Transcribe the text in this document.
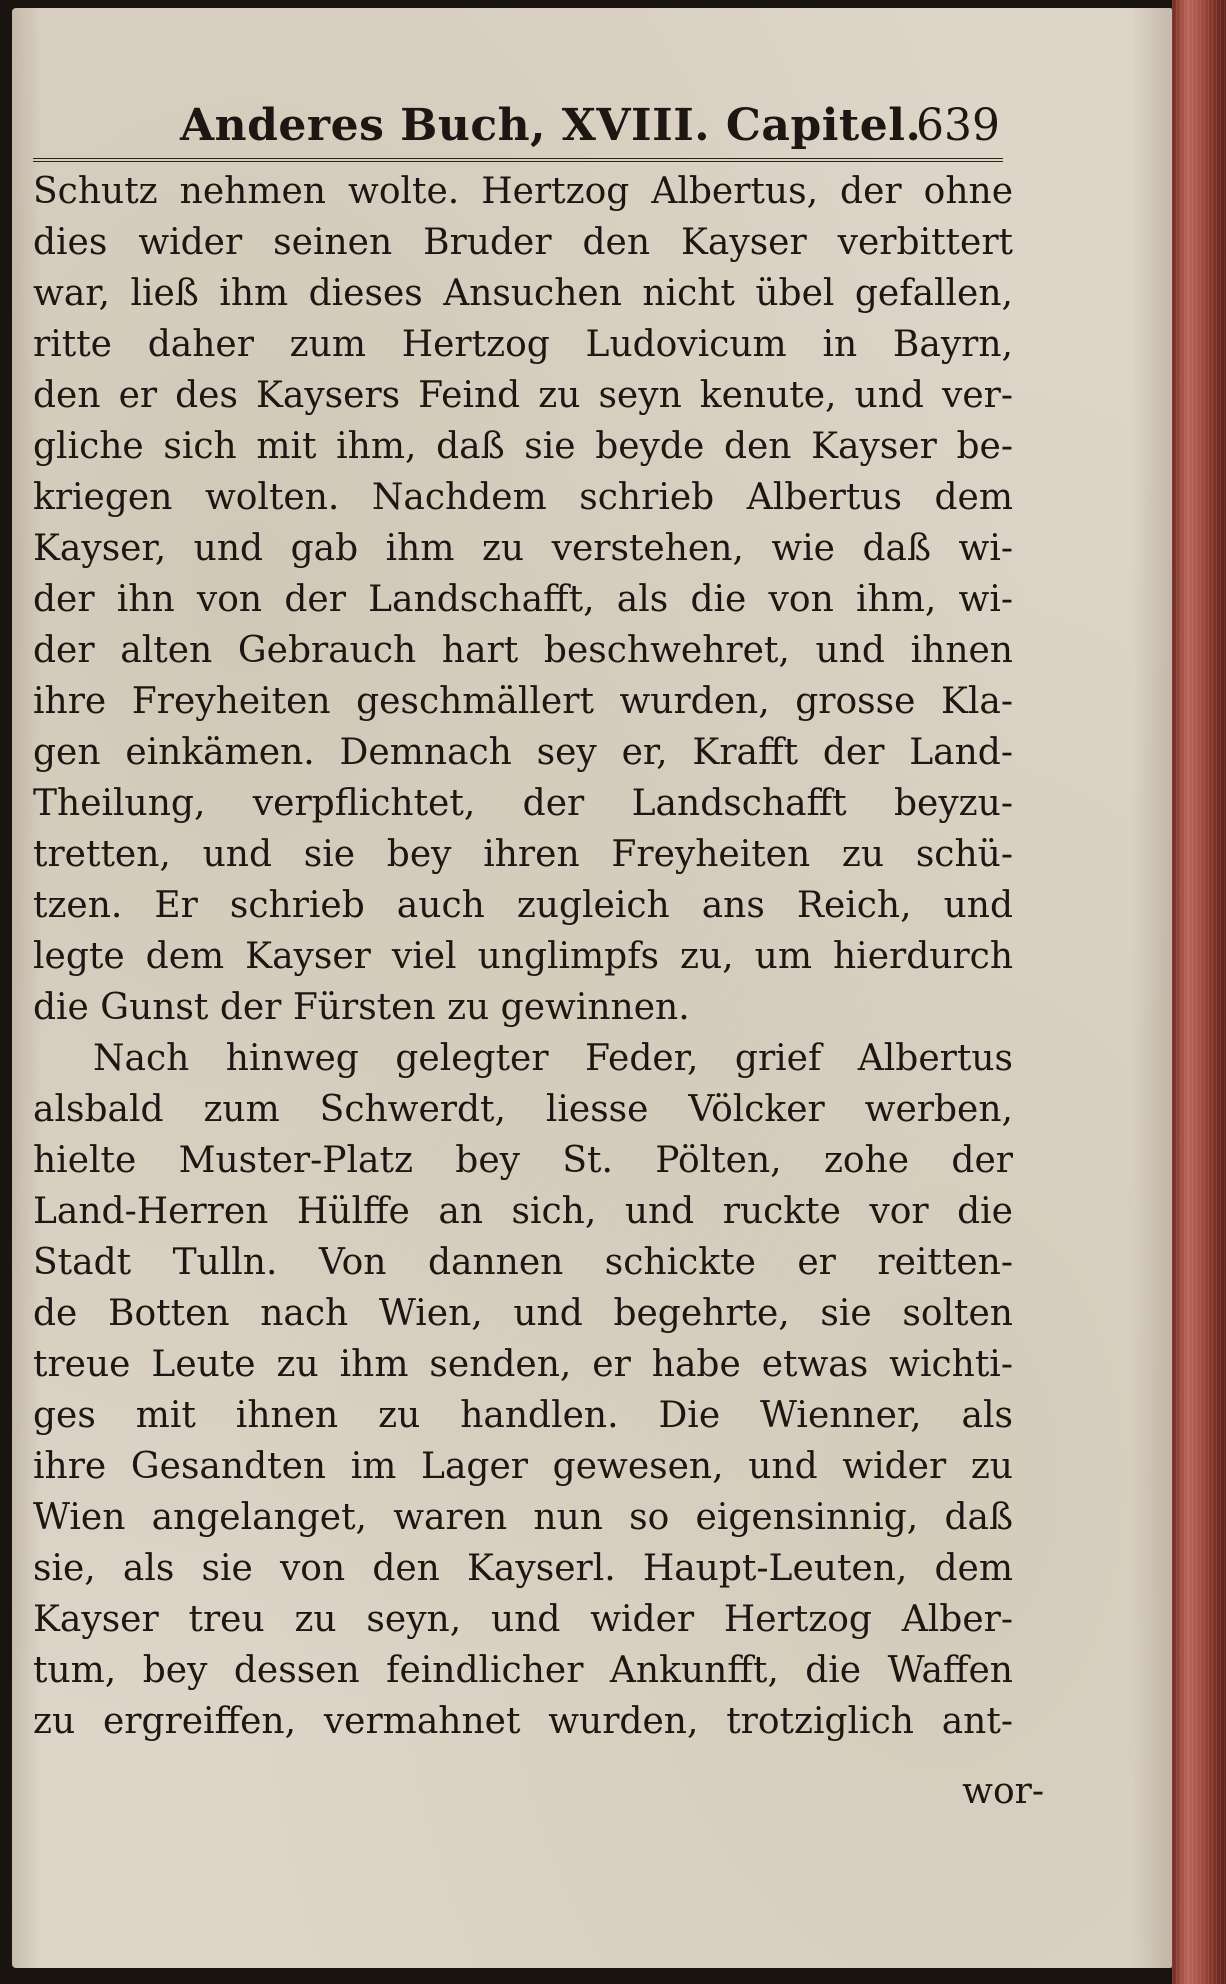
Anderes Buch, XVIII. Capitel.
639
Schutz nehmen wolte. Hertzog Albertus, der ohne
dies wider seinen Bruder den Kayser verbittert
war, ließ ihm dieses Ansuchen nicht übel gefallen,
ritte daher zum Hertzog Ludovicum in Bayrn,
den er des Kaysers Feind zu seyn kenute, und ver-
gliche sich mit ihm, daß sie beyde den Kayser be-
kriegen wolten. Nachdem schrieb Albertus dem
Kayser, und gab ihm zu verstehen, wie daß wi-
der ihn von der Landschafft, als die von ihm, wi-
der alten Gebrauch hart beschwehret, und ihnen
ihre Freyheiten geschmällert wurden, grosse Kla-
gen einkämen. Demnach sey er, Krafft der Land-
Theilung, verpflichtet, der Landschafft beyzu-
tretten, und sie bey ihren Freyheiten zu schü-
tzen. Er schrieb auch zugleich ans Reich, und
legte dem Kayser viel unglimpfs zu, um hierdurch
die Gunst der Fürsten zu gewinnen.
Nach hinweg gelegter Feder, grief Albertus
alsbald zum Schwerdt, liesse Völcker werben,
hielte Muster-Platz bey St. Pölten, zohe der
Land-Herren Hülffe an sich, und ruckte vor die
Stadt Tulln. Von dannen schickte er reitten-
de Botten nach Wien, und begehrte, sie solten
treue Leute zu ihm senden, er habe etwas wichti-
ges mit ihnen zu handlen. Die Wienner, als
ihre Gesandten im Lager gewesen, und wider zu
Wien angelanget, waren nun so eigensinnig, daß
sie, als sie von den Kayserl. Haupt-Leuten, dem
Kayser treu zu seyn, und wider Hertzog Alber-
tum, bey dessen feindlicher Ankunfft, die Waffen
zu ergreiffen, vermahnet wurden, trotziglich ant-
wor-
